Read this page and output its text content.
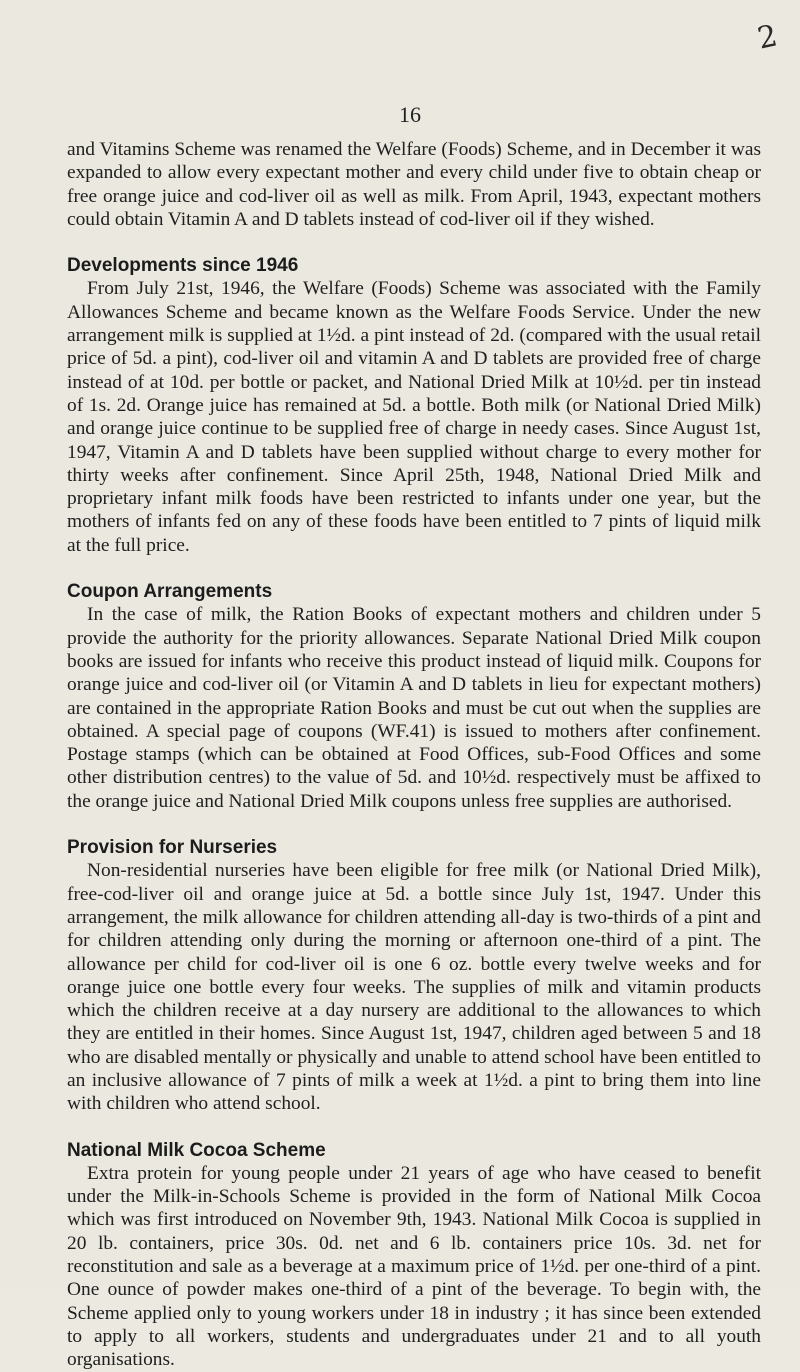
2
16

and Vitamins Scheme was renamed the Welfare (Foods) Scheme, and in December it was expanded to allow every expectant mother and every child under five to obtain cheap or free orange juice and cod-liver oil as well as milk. From April, 1943, expectant mothers could obtain Vitamin A and D tablets instead of cod-liver oil if they wished.

Developments since 1946

From July 21st, 1946, the Welfare (Foods) Scheme was associated with the Family Allowances Scheme and became known as the Welfare Foods Service. Under the new arrangement milk is supplied at 1½d. a pint instead of 2d. (compared with the usual retail price of 5d. a pint), cod-liver oil and vitamin A and D tablets are provided free of charge instead of at 10d. per bottle or packet, and National Dried Milk at 10½d. per tin instead of 1s. 2d. Orange juice has remained at 5d. a bottle. Both milk (or National Dried Milk) and orange juice continue to be supplied free of charge in needy cases. Since August 1st, 1947, Vitamin A and D tablets have been supplied without charge to every mother for thirty weeks after confinement. Since April 25th, 1948, National Dried Milk and proprietary infant milk foods have been restricted to infants under one year, but the mothers of infants fed on any of these foods have been entitled to 7 pints of liquid milk at the full price.

Coupon Arrangements

In the case of milk, the Ration Books of expectant mothers and children under 5 provide the authority for the priority allowances. Separate National Dried Milk coupon books are issued for infants who receive this product instead of liquid milk. Coupons for orange juice and cod-liver oil (or Vitamin A and D tablets in lieu for expectant mothers) are contained in the appropriate Ration Books and must be cut out when the supplies are obtained. A special page of coupons (WF.41) is issued to mothers after confinement. Postage stamps (which can be obtained at Food Offices, sub-Food Offices and some other distribution centres) to the value of 5d. and 10½d. respectively must be affixed to the orange juice and National Dried Milk coupons unless free supplies are authorised.

Provision for Nurseries

Non-residential nurseries have been eligible for free milk (or National Dried Milk), free-cod-liver oil and orange juice at 5d. a bottle since July 1st, 1947. Under this arrangement, the milk allowance for children attending all-day is two-thirds of a pint and for children attending only during the morning or afternoon one-third of a pint. The allowance per child for cod-liver oil is one 6 oz. bottle every twelve weeks and for orange juice one bottle every four weeks. The supplies of milk and vitamin products which the children receive at a day nursery are additional to the allowances to which they are entitled in their homes. Since August 1st, 1947, children aged between 5 and 18 who are disabled mentally or physically and unable to attend school have been entitled to an inclusive allowance of 7 pints of milk a week at 1½d. a pint to bring them into line with children who attend school.

National Milk Cocoa Scheme

Extra protein for young people under 21 years of age who have ceased to benefit under the Milk-in-Schools Scheme is provided in the form of National Milk Cocoa which was first introduced on November 9th, 1943. National Milk Cocoa is supplied in 20 lb. containers, price 30s. 0d. net and 6 lb. containers price 10s. 3d. net for reconstitution and sale as a beverage at a maximum price of 1½d. per one-third of a pint. One ounce of powder makes one-third of a pint of the beverage. To begin with, the Scheme applied only to young workers under 18 in industry ; it has since been extended to apply to all workers, students and undergraduates under 21 and to all youth organisations.
